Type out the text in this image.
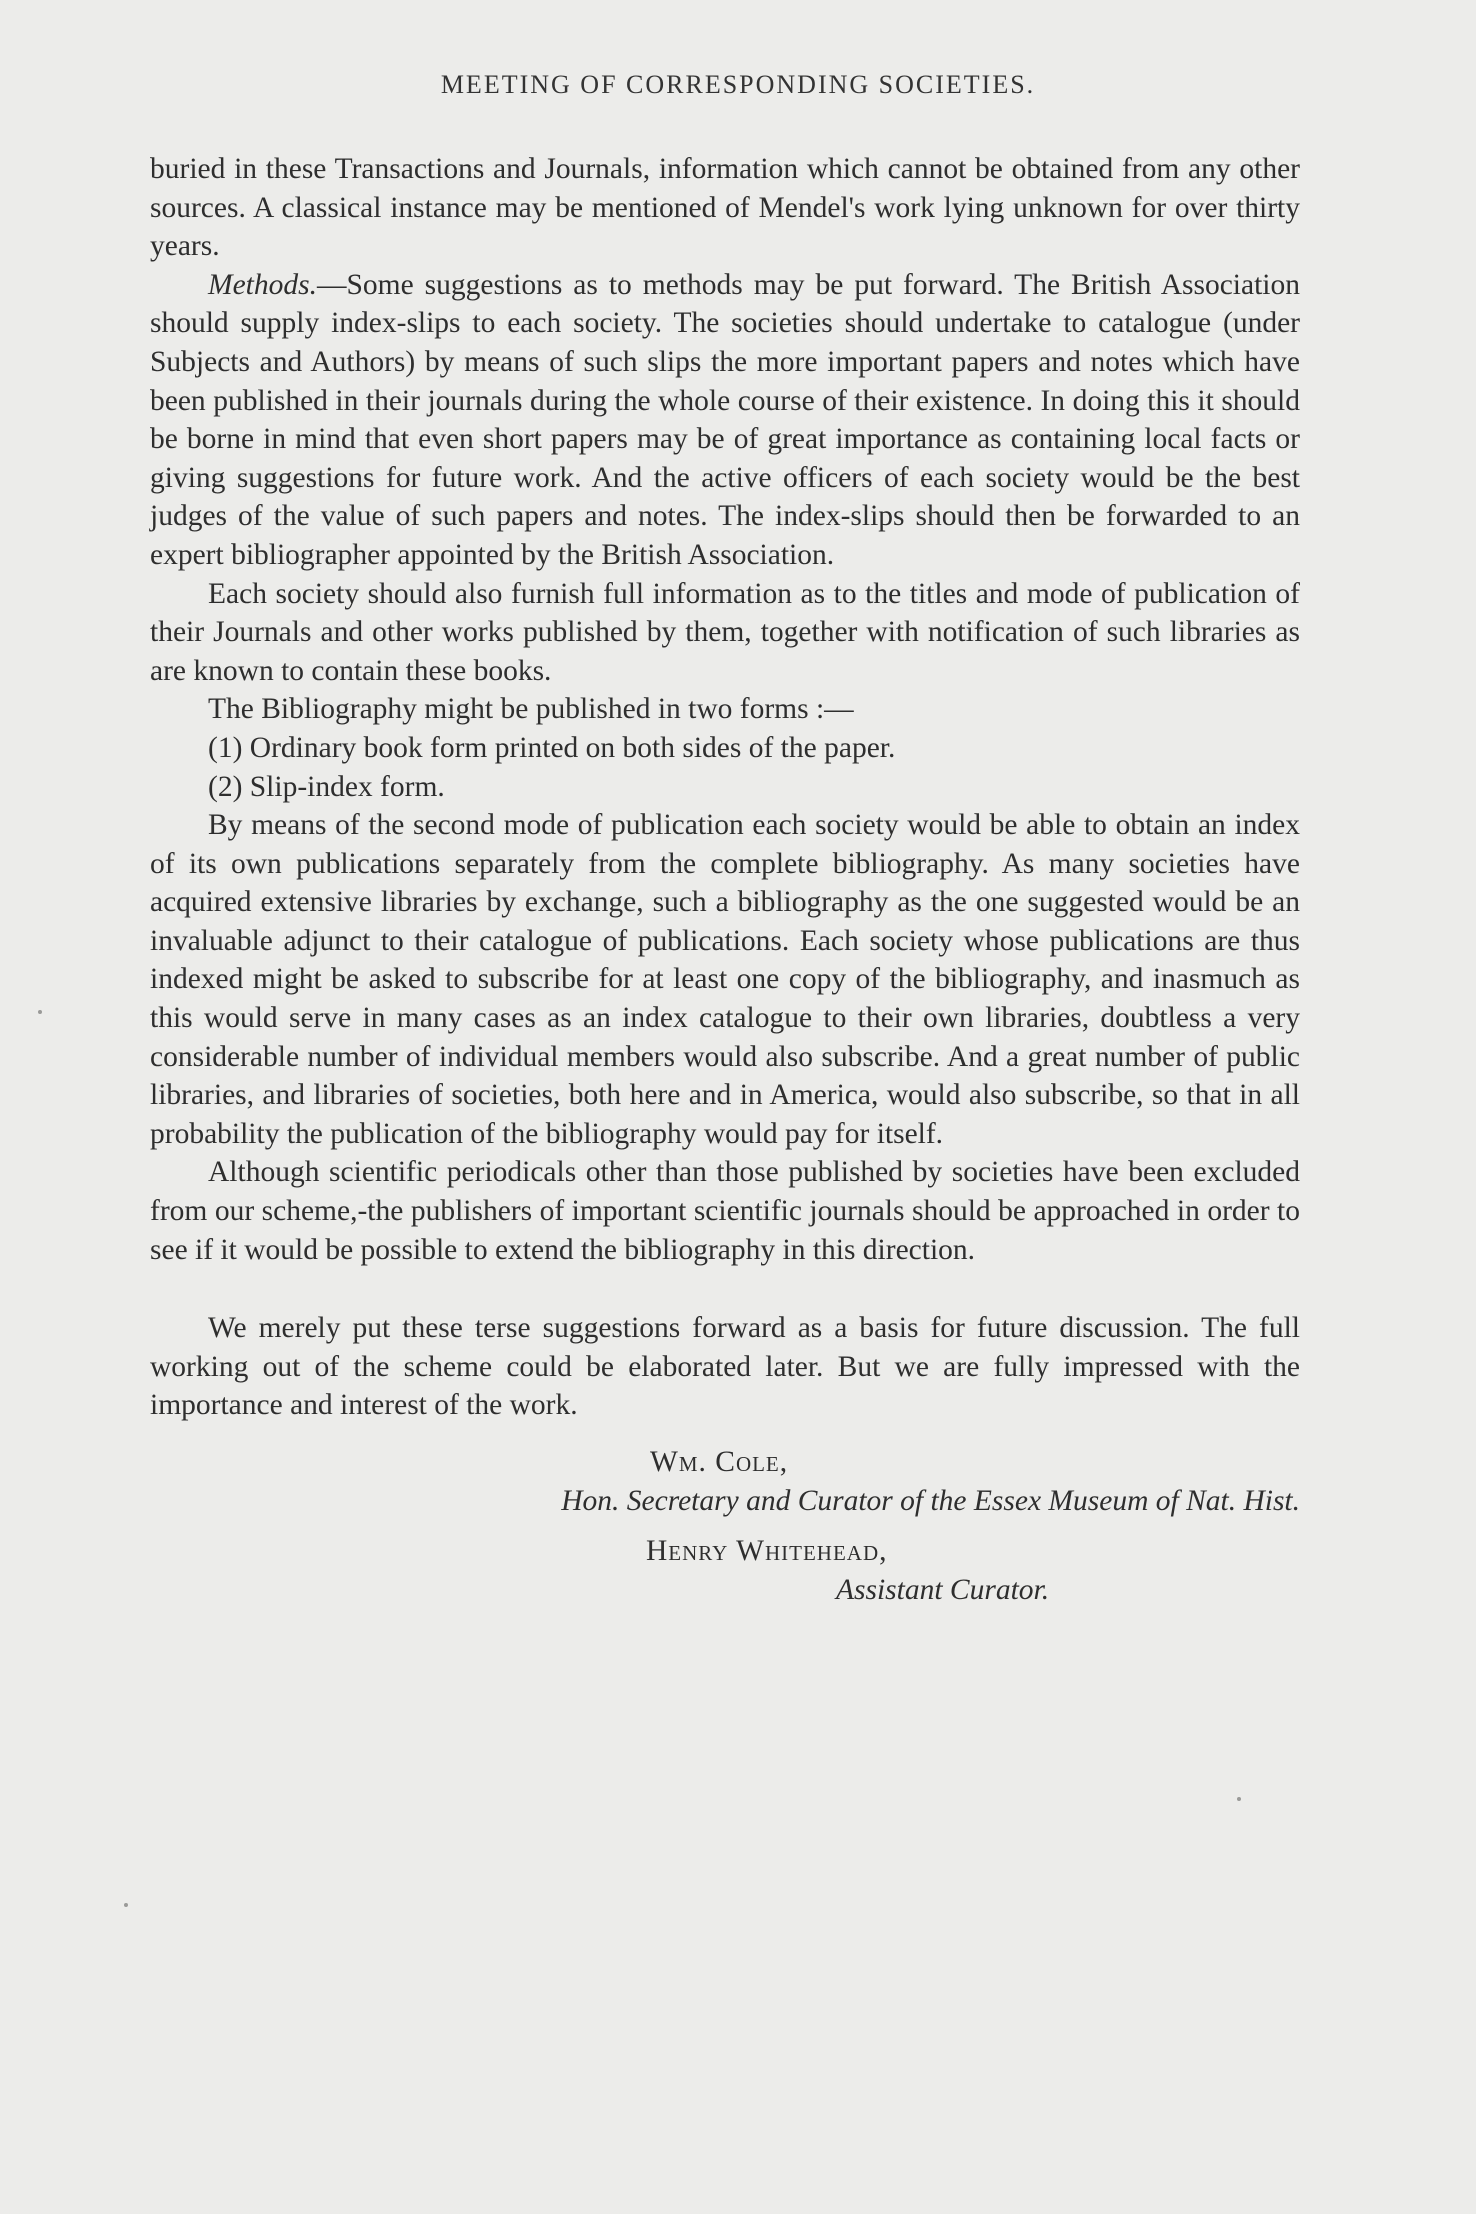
MEETING OF CORRESPONDING SOCIETIES.

buried in these Transactions and Journals, information which cannot be obtained from any other sources. A classical instance may be mentioned of Mendel's work lying unknown for over thirty years.

Methods.—Some suggestions as to methods may be put forward. The British Association should supply index-slips to each society. The societies should undertake to catalogue (under Subjects and Authors) by means of such slips the more important papers and notes which have been published in their journals during the whole course of their existence. In doing this it should be borne in mind that even short papers may be of great importance as containing local facts or giving suggestions for future work. And the active officers of each society would be the best judges of the value of such papers and notes. The index-slips should then be forwarded to an expert bibliographer appointed by the British Association.

Each society should also furnish full information as to the titles and mode of publication of their Journals and other works published by them, together with notification of such libraries as are known to contain these books.

The Bibliography might be published in two forms :—

(1) Ordinary book form printed on both sides of the paper.

(2) Slip-index form.

By means of the second mode of publication each society would be able to obtain an index of its own publications separately from the complete bibliography. As many societies have acquired extensive libraries by exchange, such a bibliography as the one suggested would be an invaluable adjunct to their catalogue of publications. Each society whose publications are thus indexed might be asked to subscribe for at least one copy of the bibliography, and inasmuch as this would serve in many cases as an index catalogue to their own libraries, doubtless a very considerable number of individual members would also subscribe. And a great number of public libraries, and libraries of societies, both here and in America, would also subscribe, so that in all probability the publication of the bibliography would pay for itself.

Although scientific periodicals other than those published by societies have been excluded from our scheme,-the publishers of important scientific journals should be approached in order to see if it would be possible to extend the bibliography in this direction.

We merely put these terse suggestions forward as a basis for future discussion. The full working out of the scheme could be elaborated later. But we are fully impressed with the importance and interest of the work.

Wm. Cole,

Hon. Secretary and Curator of the Essex Museum of Nat. Hist.

Henry Whitehead,

Assistant Curator.
